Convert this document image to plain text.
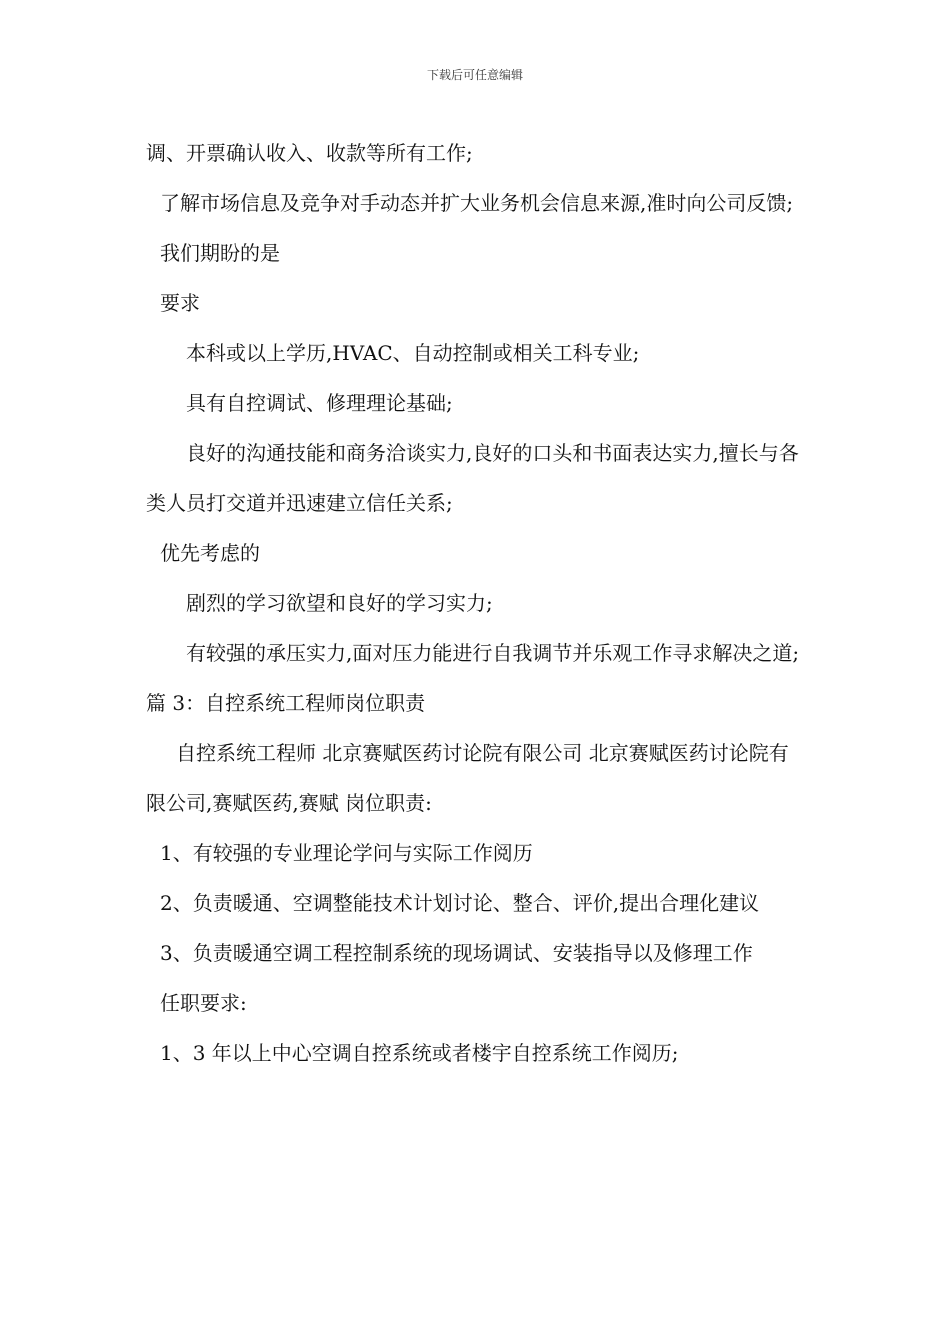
下载后可任意编辑

调、开票确认收入、收款等所有工作;

了解市场信息及竞争对手动态并扩大业务机会信息来源,准时向公司反馈;

我们期盼的是

要求

本科或以上学历,HVAC、自动控制或相关工科专业;

具有自控调试、修理理论基础;

良好的沟通技能和商务洽谈实力,良好的口头和书面表达实力,擅长与各类人员打交道并迅速建立信任关系;

优先考虑的

剧烈的学习欲望和良好的学习实力;

有较强的承压实力,面对压力能进行自我调节并乐观工作寻求解决之道; 篇 3：自控系统工程师岗位职责

自控系统工程师 北京赛赋医药讨论院有限公司 北京赛赋医药讨论院有限公司,赛赋医药,赛赋 岗位职责:

1、有较强的专业理论学问与实际工作阅历

2、负责暖通、空调整能技术计划讨论、整合、评价,提出合理化建议

3、负责暖通空调工程控制系统的现场调试、安装指导以及修理工作

任职要求:

1、3 年以上中心空调自控系统或者楼宇自控系统工作阅历;
